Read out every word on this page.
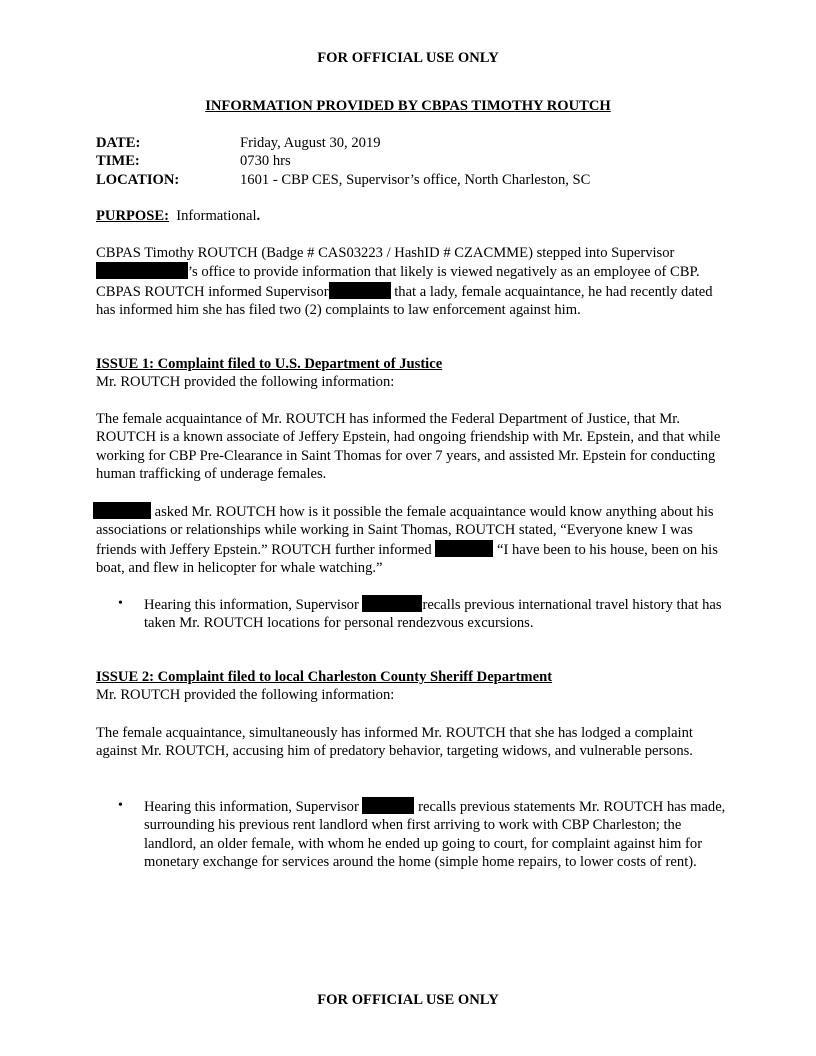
FOR OFFICIAL USE ONLY
INFORMATION PROVIDED BY CBPAS TIMOTHY ROUTCH
DATE:	Friday, August 30, 2019
TIME:	0730 hrs
LOCATION:	1601 - CBP CES, Supervisor’s office, North Charleston, SC

PURPOSE: Informational.

CBPAS Timothy ROUTCH (Badge # CAS03223 / HashID # CZACMME) stepped into Supervisor ’s office to provide information that likely is viewed negatively as an employee of CBP. CBPAS ROUTCH informed Supervisor	that a lady, female acquaintance, he had recently dated has informed him she has filed two (2) complaints to law enforcement against him.

ISSUE 1: Complaint filed to U.S. Department of Justice
Mr. ROUTCH provided the following information:

The female acquaintance of Mr. ROUTCH has informed the Federal Department of Justice, that Mr. ROUTCH is a known associate of Jeffery Epstein, had ongoing friendship with Mr. Epstein, and that while working for CBP Pre-Clearance in Saint Thomas for over 7 years, and assisted Mr. Epstein for conducting human trafficking of underage females.

asked Mr. ROUTCH how is it possible the female acquaintance would know anything about his associations or relationships while working in Saint Thomas, ROUTCH stated, “Everyone knew I was friends with Jeffery Epstein.” ROUTCH further informed	“I have been to his house, been on his boat, and flew in helicopter for whale watching.”

• Hearing this information, Supervisor	recalls previous international travel history that has taken Mr. ROUTCH locations for personal rendezvous excursions.

ISSUE 2: Complaint filed to local Charleston County Sheriff Department
Mr. ROUTCH provided the following information:

The female acquaintance, simultaneously has informed Mr. ROUTCH that she has lodged a complaint against Mr. ROUTCH, accusing him of predatory behavior, targeting widows, and vulnerable persons.

• Hearing this information, Supervisor	recalls previous statements Mr. ROUTCH has made, surrounding his previous rent landlord when first arriving to work with CBP Charleston; the landlord, an older female, with whom he ended up going to court, for complaint against him for monetary exchange for services around the home (simple home repairs, to lower costs of rent).

FOR OFFICIAL USE ONLY
